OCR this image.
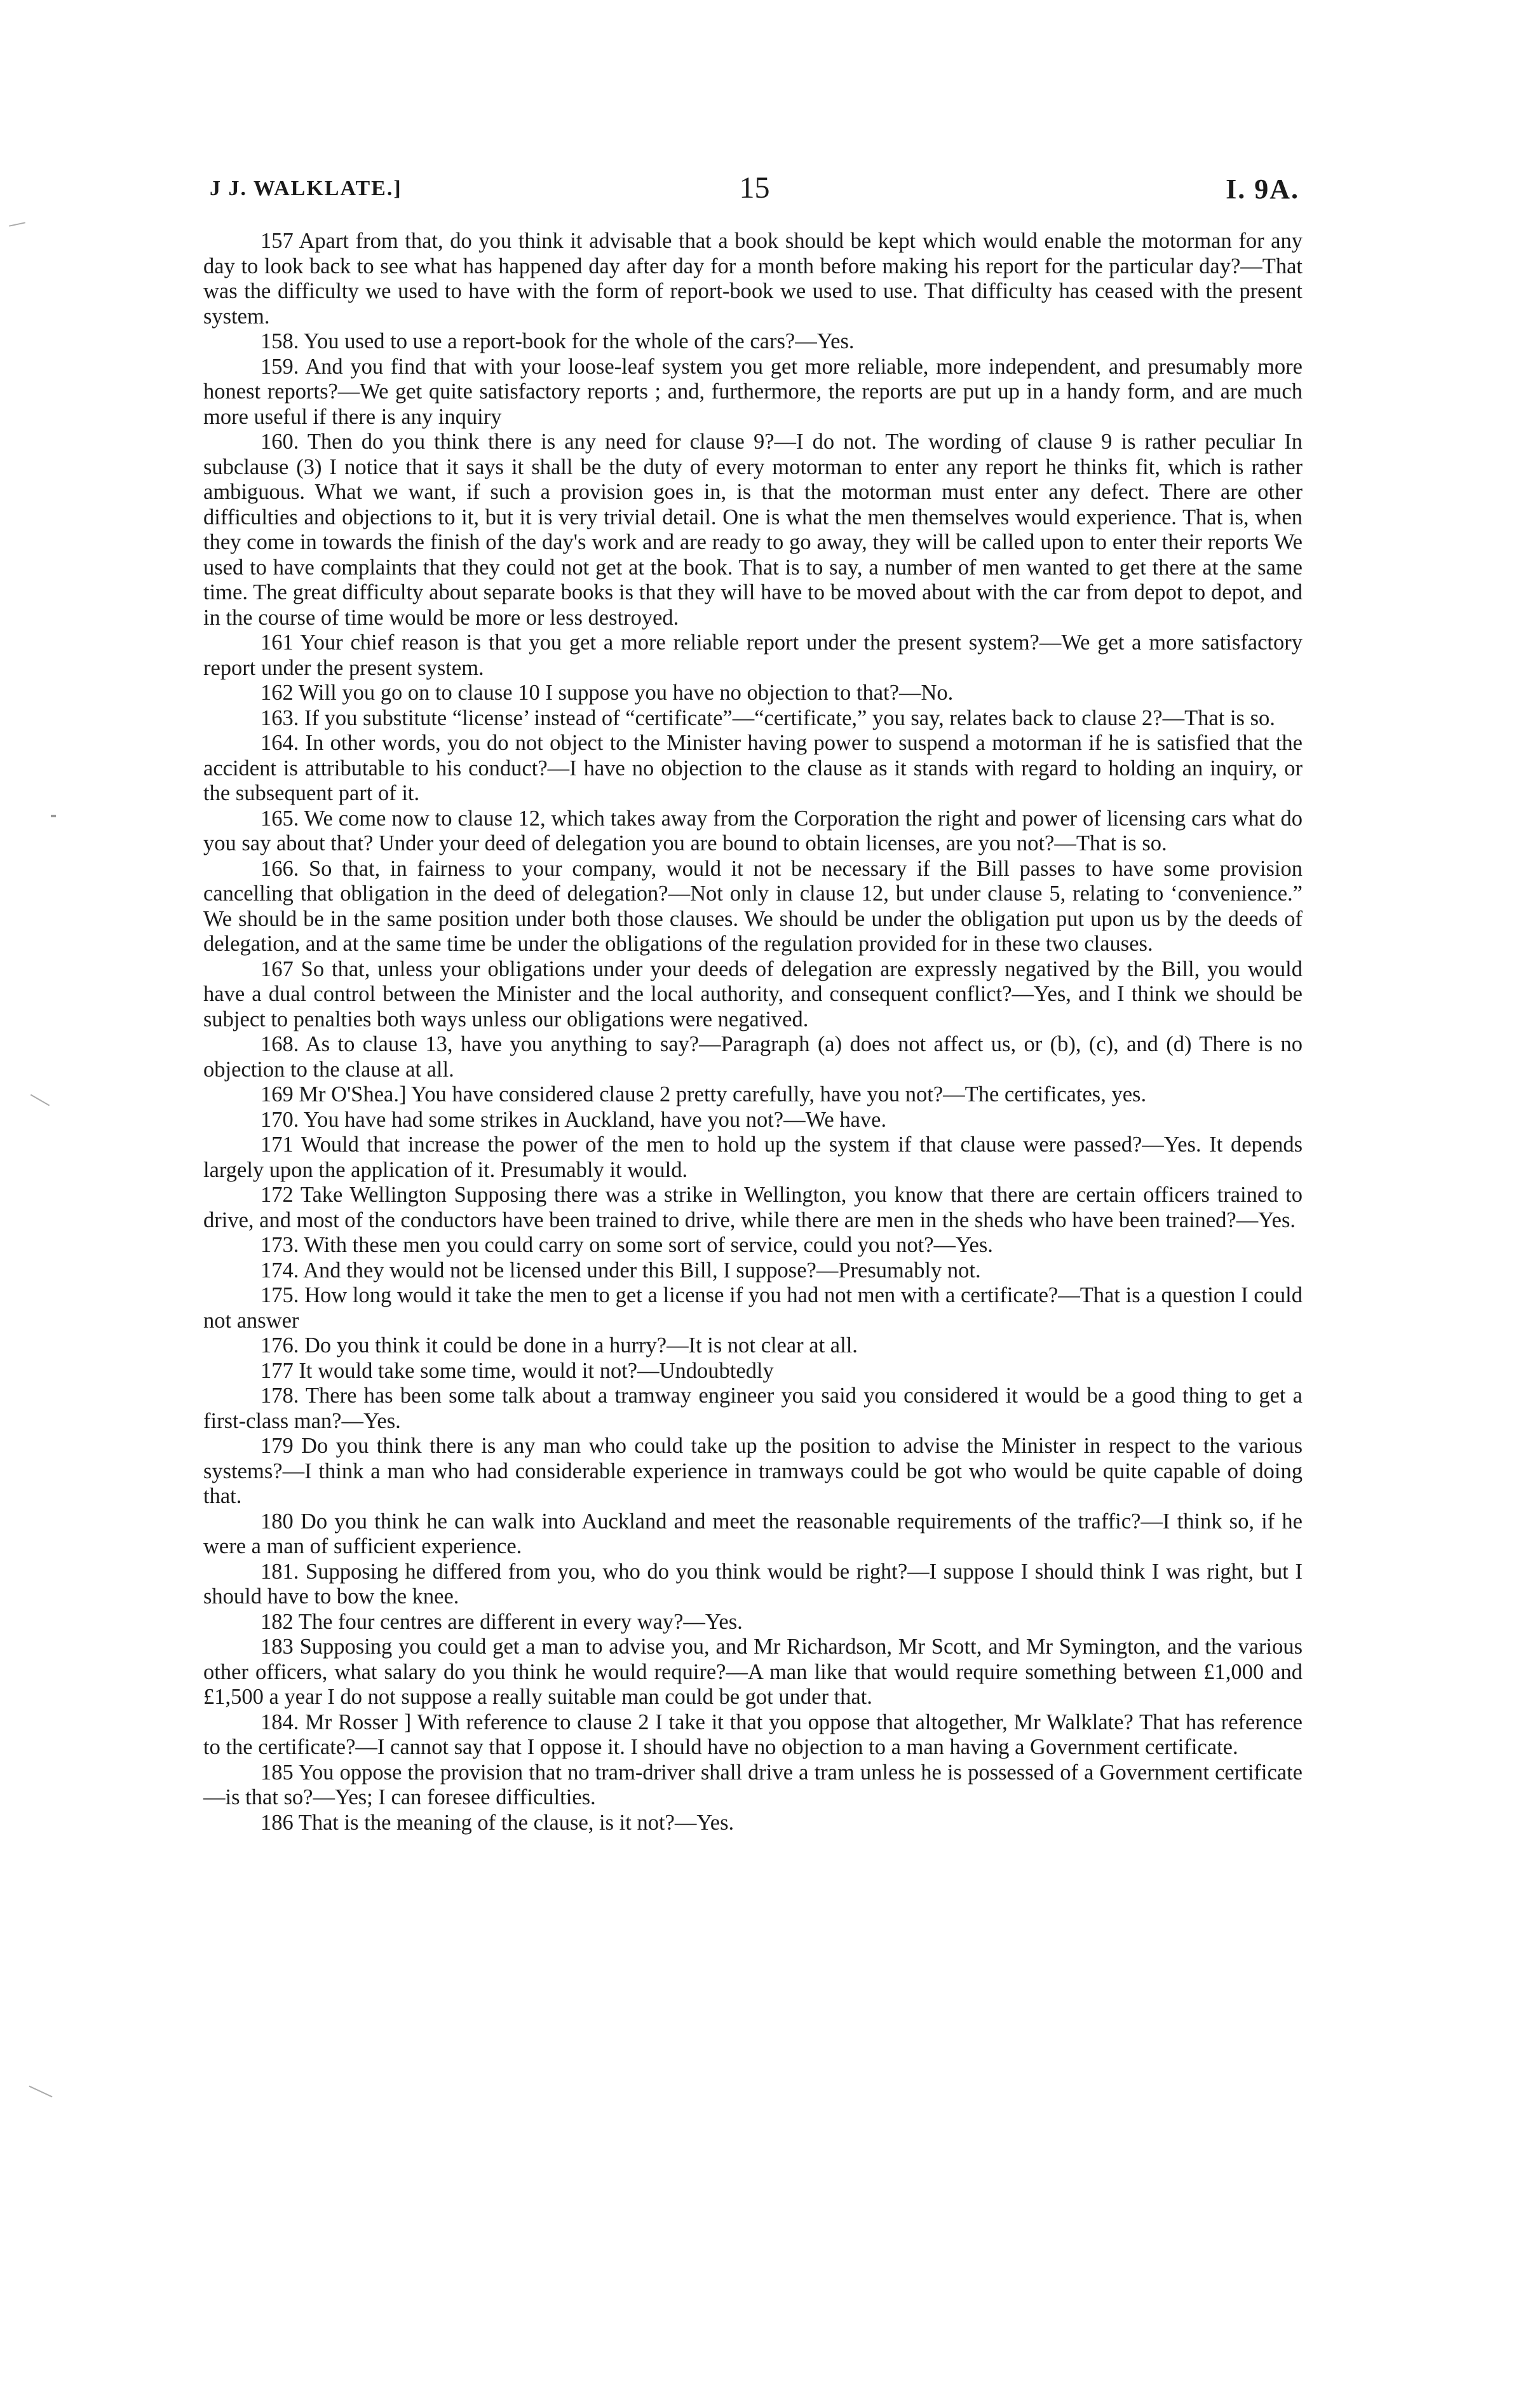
J J. WALKLATE.]	15	I. 9A.

157 Apart from that, do you think it advisable that a book should be kept which would enable the motorman for any day to look back to see what has happened day after day for a month before making his report for the particular day?—That was the difficulty we used to have with the form of report-book we used to use. That difficulty has ceased with the present system.

158. You used to use a report-book for the whole of the cars?—Yes.

159. And you find that with your loose-leaf system you get more reliable, more independent, and presumably more honest reports?—We get quite satisfactory reports ; and, furthermore, the reports are put up in a handy form, and are much more useful if there is any inquiry

160. Then do you think there is any need for clause 9?—I do not. The wording of clause 9 is rather peculiar In subclause (3) I notice that it says it shall be the duty of every motorman to enter any report he thinks fit, which is rather ambiguous. What we want, if such a provision goes in, is that the motorman must enter any defect. There are other difficulties and objections to it, but it is very trivial detail. One is what the men themselves would experience. That is, when they come in towards the finish of the day's work and are ready to go away, they will be called upon to enter their reports We used to have complaints that they could not get at the book. That is to say, a number of men wanted to get there at the same time. The great difficulty about separate books is that they will have to be moved about with the car from depot to depot, and in the course of time would be more or less destroyed.

161 Your chief reason is that you get a more reliable report under the present system?—We get a more satisfactory report under the present system.

162 Will you go on to clause 10 I suppose you have no objection to that?—No.

163. If you substitute “license’ instead of “certificate”—“certificate,” you say, relates back to clause 2?—That is so.

164. In other words, you do not object to the Minister having power to suspend a motorman if he is satisfied that the accident is attributable to his conduct?—I have no objection to the clause as it stands with regard to holding an inquiry, or the subsequent part of it.

165. We come now to clause 12, which takes away from the Corporation the right and power of licensing cars what do you say about that? Under your deed of delegation you are bound to obtain licenses, are you not?—That is so.

166. So that, in fairness to your company, would it not be necessary if the Bill passes to have some provision cancelling that obligation in the deed of delegation?—Not only in clause 12, but under clause 5, relating to ‘convenience.” We should be in the same position under both those clauses. We should be under the obligation put upon us by the deeds of delegation, and at the same time be under the obligations of the regulation provided for in these two clauses.

167 So that, unless your obligations under your deeds of delegation are expressly negatived by the Bill, you would have a dual control between the Minister and the local authority, and consequent conflict?—Yes, and I think we should be subject to penalties both ways unless our obligations were negatived.

168. As to clause 13, have you anything to say?—Paragraph (a) does not affect us, or (b), (c), and (d) There is no objection to the clause at all.

169 Mr O'Shea.] You have considered clause 2 pretty carefully, have you not?—The certificates, yes.

170. You have had some strikes in Auckland, have you not?—We have.

171 Would that increase the power of the men to hold up the system if that clause were passed?—Yes. It depends largely upon the application of it. Presumably it would.

172 Take Wellington Supposing there was a strike in Wellington, you know that there are certain officers trained to drive, and most of the conductors have been trained to drive, while there are men in the sheds who have been trained?—Yes.

173. With these men you could carry on some sort of service, could you not?—Yes.

174. And they would not be licensed under this Bill, I suppose?—Presumably not.

175. How long would it take the men to get a license if you had not men with a certificate?—That is a question I could not answer

176. Do you think it could be done in a hurry?—It is not clear at all.

177 It would take some time, would it not?—Undoubtedly

178. There has been some talk about a tramway engineer you said you considered it would be a good thing to get a first-class man?—Yes.

179 Do you think there is any man who could take up the position to advise the Minister in respect to the various systems?—I think a man who had considerable experience in tramways could be got who would be quite capable of doing that.

180 Do you think he can walk into Auckland and meet the reasonable requirements of the traffic?—I think so, if he were a man of sufficient experience.

181. Supposing he differed from you, who do you think would be right?—I suppose I should think I was right, but I should have to bow the knee.

182 The four centres are different in every way?—Yes.

183 Supposing you could get a man to advise you, and Mr Richardson, Mr Scott, and Mr Symington, and the various other officers, what salary do you think he would require?—A man like that would require something between £1,000 and £1,500 a year I do not suppose a really suitable man could be got under that.

184. Mr Rosser ] With reference to clause 2 I take it that you oppose that altogether, Mr Walklate? That has reference to the certificate?—I cannot say that I oppose it. I should have no objection to a man having a Government certificate.

185 You oppose the provision that no tram-driver shall drive a tram unless he is possessed of a Government certificate—is that so?—Yes; I can foresee difficulties.

186 That is the meaning of the clause, is it not?—Yes.
